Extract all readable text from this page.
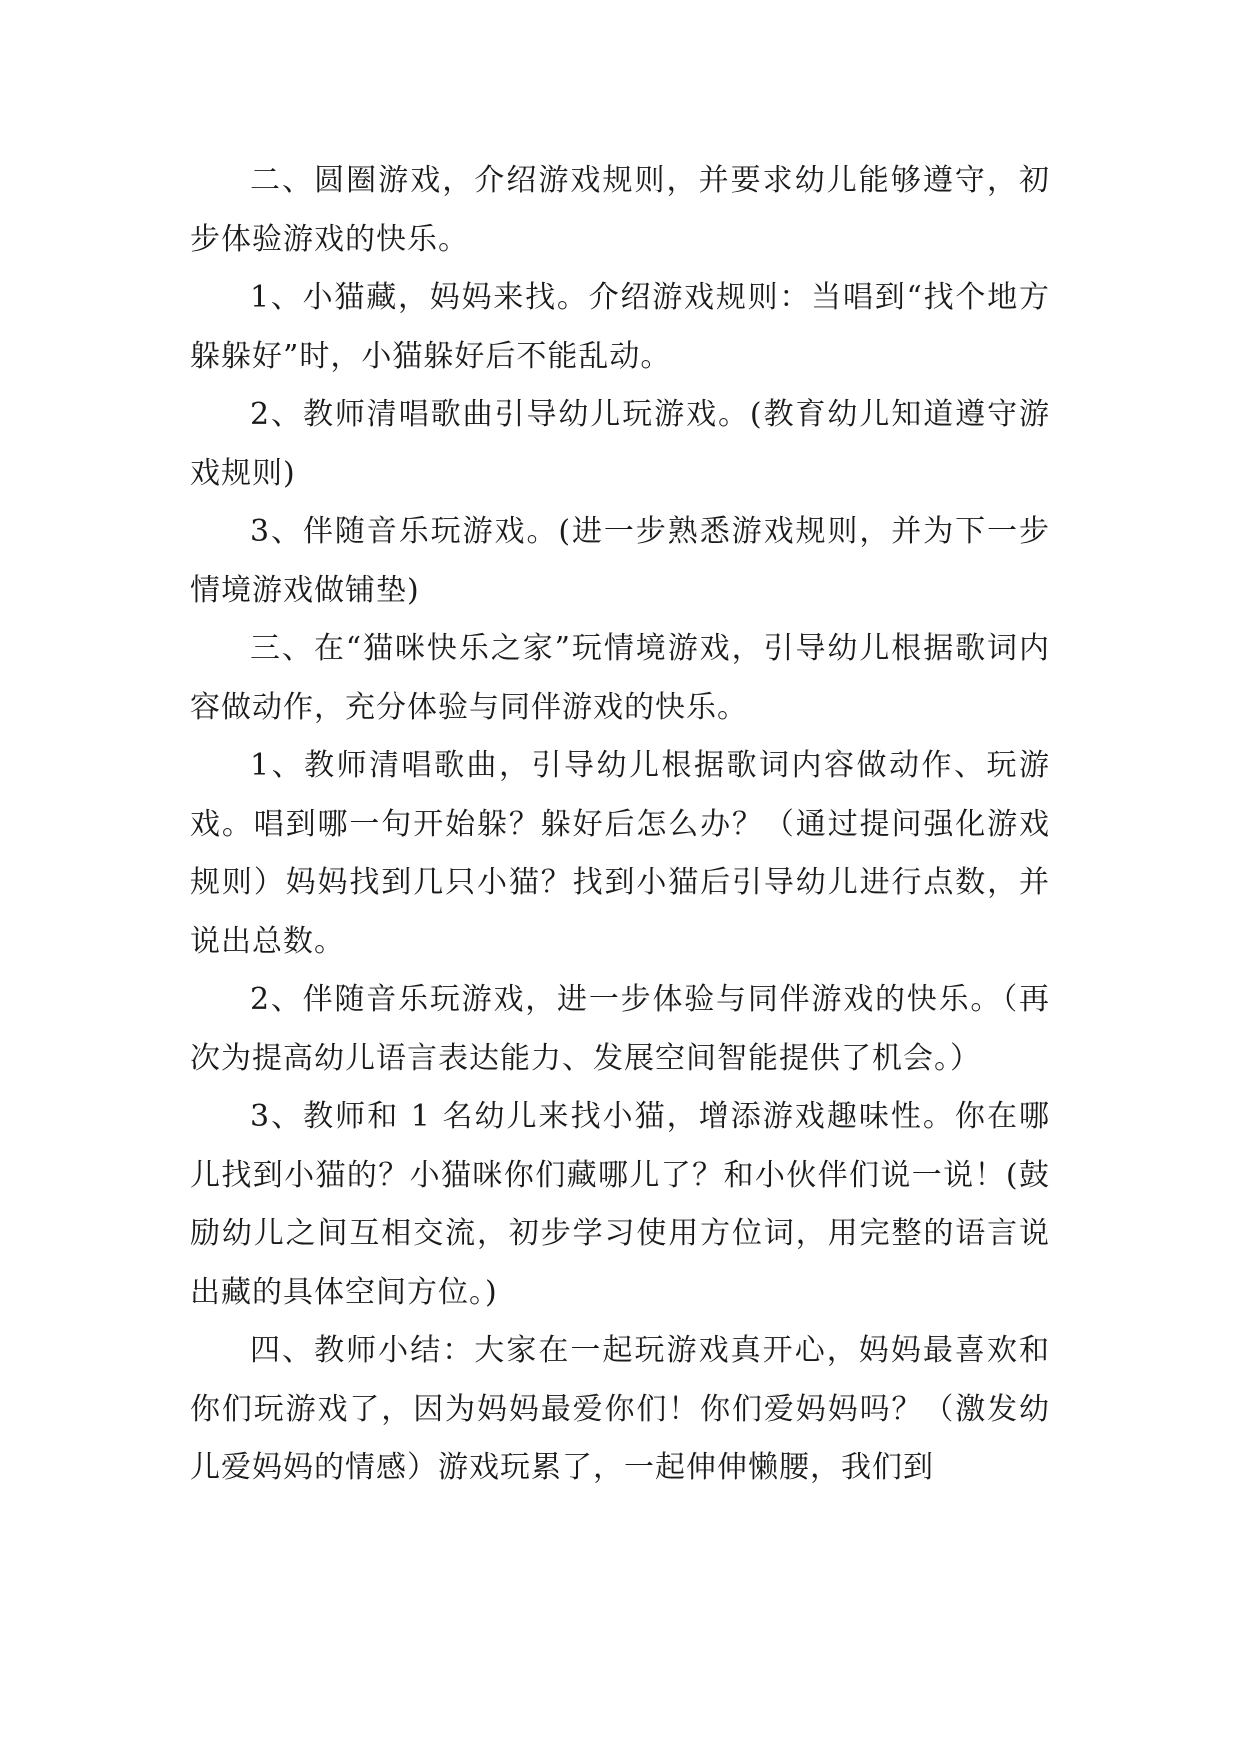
二、圆圈游戏，介绍游戏规则，并要求幼儿能够遵守，初步体验游戏的快乐。

1、小猫藏，妈妈来找。介绍游戏规则：当唱到“找个地方躲躲好”时，小猫躲好后不能乱动。

2、教师清唱歌曲引导幼儿玩游戏。(教育幼儿知道遵守游戏规则)

3、伴随音乐玩游戏。(进一步熟悉游戏规则，并为下一步情境游戏做铺垫)

三、在“猫咪快乐之家”玩情境游戏，引导幼儿根据歌词内容做动作，充分体验与同伴游戏的快乐。

1、教师清唱歌曲，引导幼儿根据歌词内容做动作、玩游戏。唱到哪一句开始躲？躲好后怎么办？（通过提问强化游戏规则）妈妈找到几只小猫？找到小猫后引导幼儿进行点数，并说出总数。

2、伴随音乐玩游戏，进一步体验与同伴游戏的快乐。（再次为提高幼儿语言表达能力、发展空间智能提供了机会。）

3、教师和 1 名幼儿来找小猫，增添游戏趣味性。你在哪儿找到小猫的？小猫咪你们藏哪儿了？和小伙伴们说一说！(鼓励幼儿之间互相交流，初步学习使用方位词，用完整的语言说出藏的具体空间方位。)

四、教师小结：大家在一起玩游戏真开心，妈妈最喜欢和你们玩游戏了，因为妈妈最爱你们！你们爱妈妈吗？（激发幼儿爱妈妈的情感）游戏玩累了，一起伸伸懒腰，我们到
